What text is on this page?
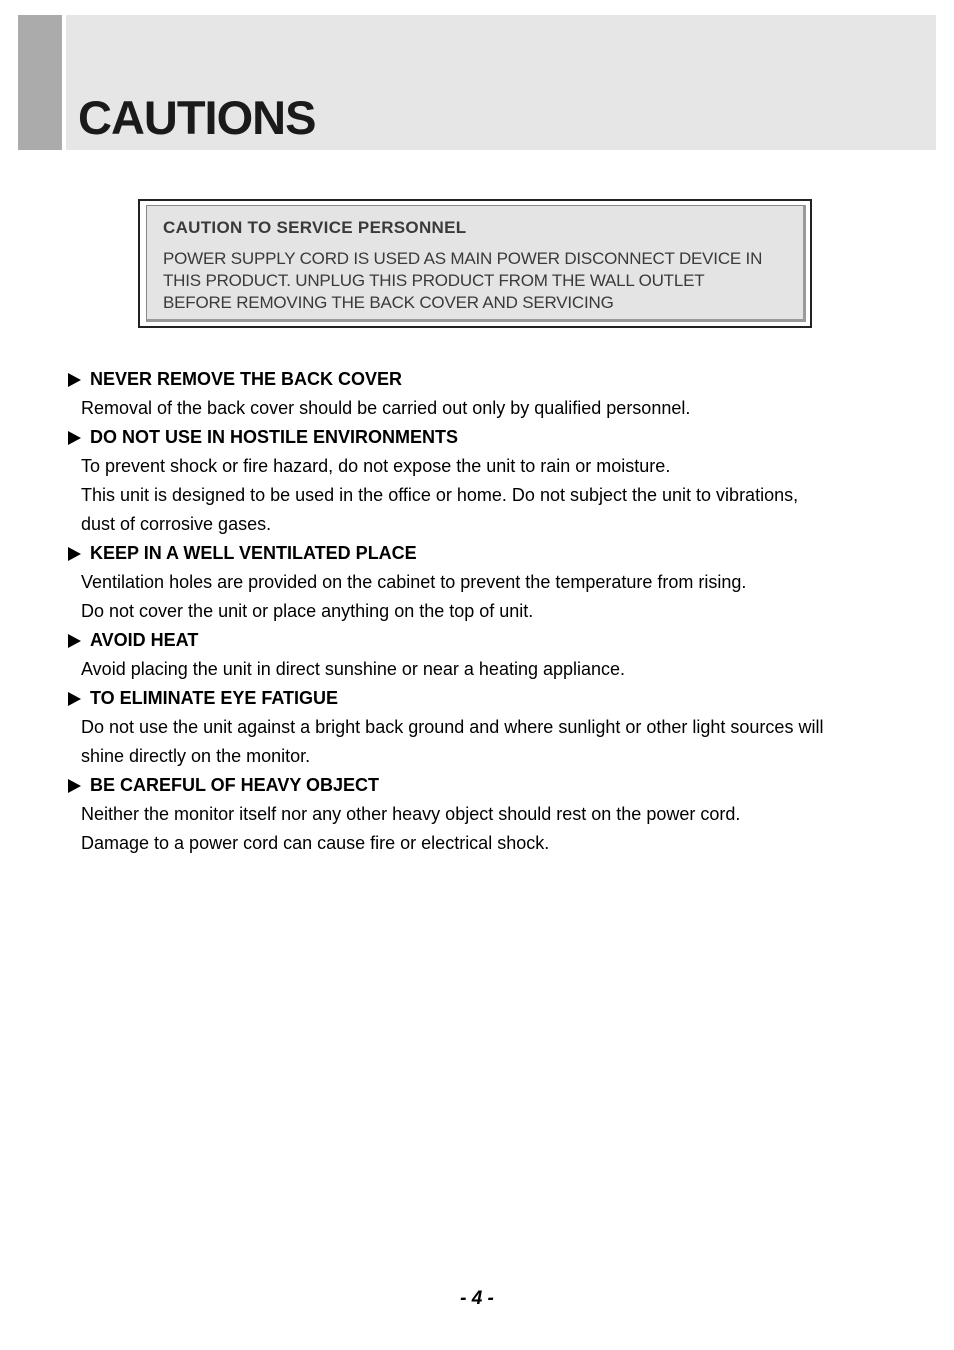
CAUTIONS
CAUTION TO SERVICE PERSONNEL
POWER SUPPLY CORD IS USED AS MAIN POWER DISCONNECT DEVICE IN
THIS PRODUCT. UNPLUG THIS PRODUCT FROM THE WALL OUTLET
BEFORE REMOVING THE BACK COVER AND SERVICING
NEVER REMOVE THE BACK COVER
Removal of the back cover should be carried out only by qualified personnel.
DO NOT USE IN HOSTILE ENVIRONMENTS
To prevent shock or fire hazard, do not expose the unit to rain or moisture.
This unit is designed to be used in the office or home. Do not subject the unit to vibrations,
dust of corrosive gases.
KEEP IN A WELL VENTILATED PLACE
Ventilation holes are provided on the cabinet to prevent the temperature from rising.
Do not cover the unit or place anything on the top of unit.
AVOID HEAT
Avoid placing the unit in direct sunshine or near a heating appliance.
TO ELIMINATE EYE FATIGUE
Do not use the unit against a bright back ground and where sunlight or other light sources will
shine directly on the monitor.
BE CAREFUL OF HEAVY OBJECT
Neither the monitor itself nor any other heavy object should rest on the power cord.
Damage to a power cord can cause fire or electrical shock.
- 4 -
